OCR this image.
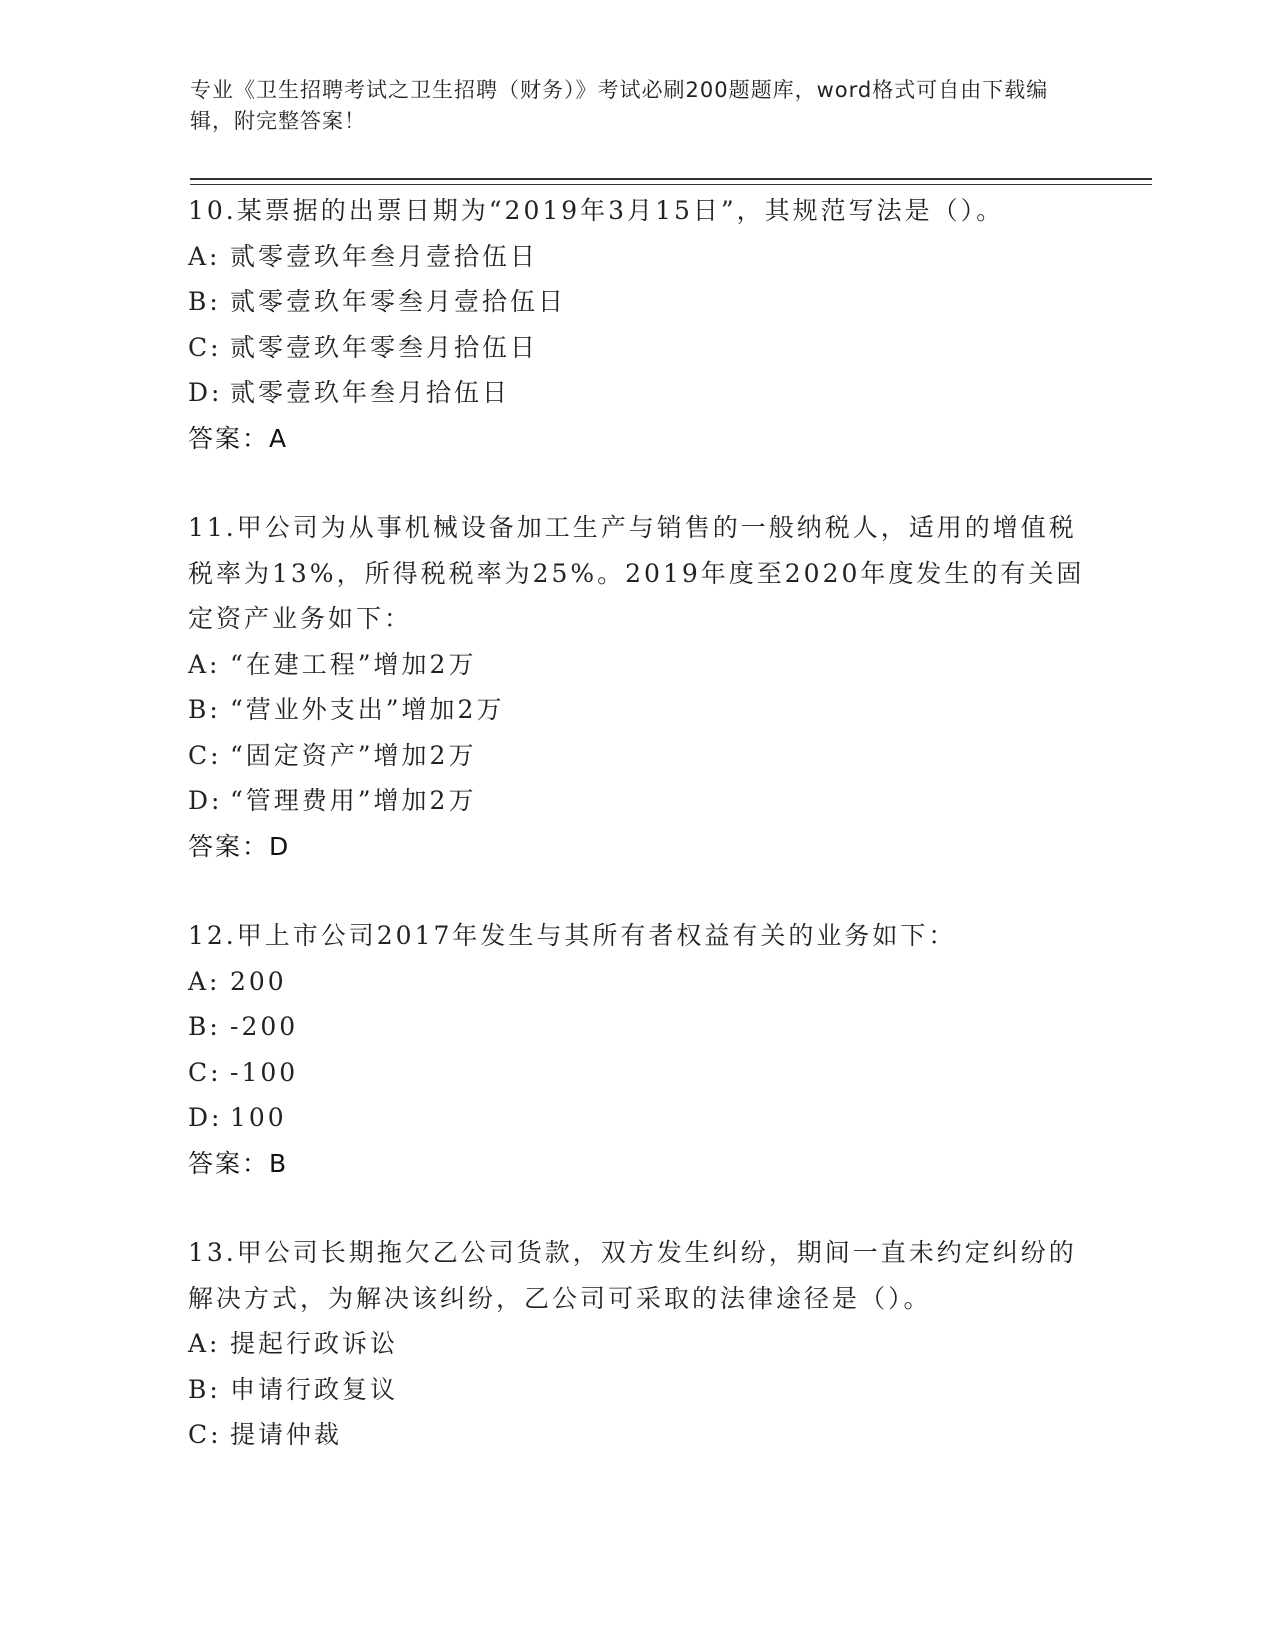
专业《卫生招聘考试之卫生招聘（财务）》考试必刷200题题库，word格式可自由下载编辑，附完整答案！

10.某票据的出票日期为“2019年3月15日”，其规范写法是（）。

A: 贰零壹玖年叁月壹拾伍日

B: 贰零壹玖年零叁月壹拾伍日

C: 贰零壹玖年零叁月拾伍日

D: 贰零壹玖年叁月拾伍日

答案：A

11.甲公司为从事机械设备加工生产与销售的一般纳税人，适用的增值税税率为13%，所得税税率为25%。2019年度至2020年度发生的有关固定资产业务如下：

A: “在建工程”增加2万

B: “营业外支出”增加2万

C: “固定资产”增加2万

D: “管理费用”增加2万

答案：D

12.甲上市公司2017年发生与其所有者权益有关的业务如下：

A: 200

B: -200

C: -100

D: 100

答案：B

13.甲公司长期拖欠乙公司货款，双方发生纠纷，期间一直未约定纠纷的解决方式，为解决该纠纷，乙公司可采取的法律途径是（）。

A: 提起行政诉讼

B: 申请行政复议

C: 提请仲裁
